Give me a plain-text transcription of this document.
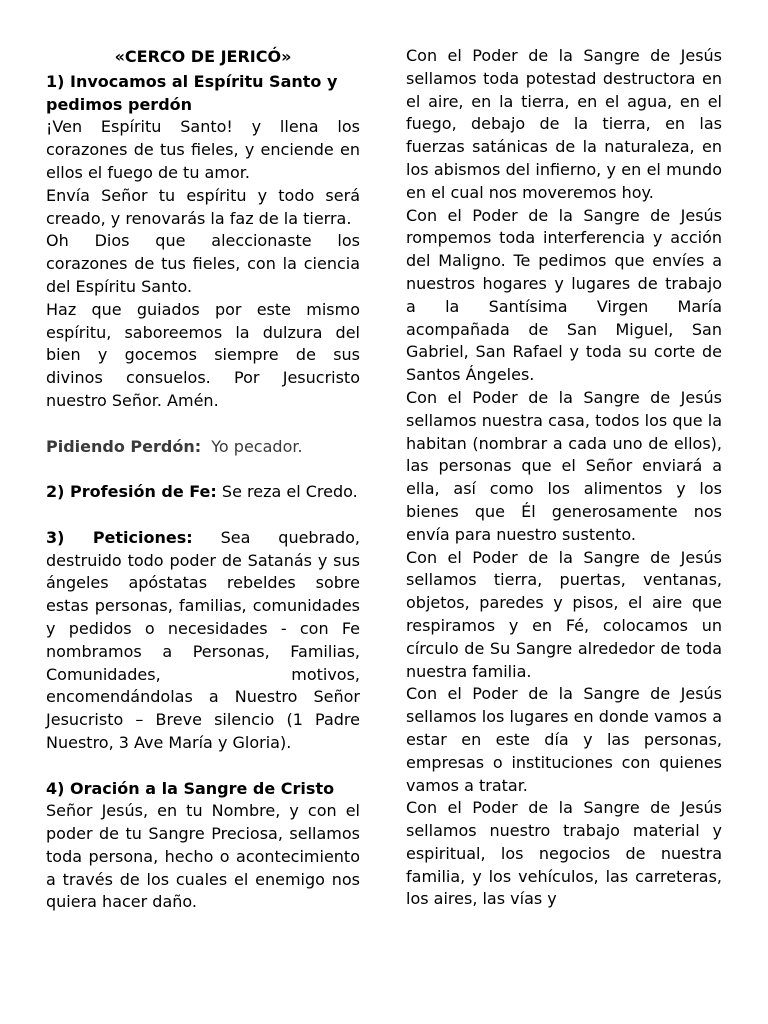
«CERCO DE JERICÓ»

1) Invocamos al Espíritu Santo y pedimos perdón

¡Ven Espíritu Santo! y llena los corazones de tus fieles, y enciende en ellos el fuego de tu amor.

Envía Señor tu espíritu y todo será creado, y renovarás la faz de la tierra.

Oh Dios que aleccionaste los corazones de tus fieles, con la ciencia del Espíritu Santo.

Haz que guiados por este mismo espíritu, saboreemos la dulzura del bien y gocemos siempre de sus divinos consuelos. Por Jesucristo nuestro Señor. Amén.

Pidiendo Perdón: Yo pecador.

2) Profesión de Fe: Se reza el Credo.

3) Peticiones: Sea quebrado, destruido todo poder de Satanás y sus ángeles apóstatas rebeldes sobre estas personas, familias, comunidades y pedidos o necesidades - con Fe nombramos a Personas, Familias, Comunidades, motivos, encomendándolas a Nuestro Señor Jesucristo – Breve silencio (1 Padre Nuestro, 3 Ave María y Gloria).

4) Oración a la Sangre de Cristo

Señor Jesús, en tu Nombre, y con el poder de tu Sangre Preciosa, sellamos toda persona, hecho o acontecimiento a través de los cuales el enemigo nos quiera hacer daño.

Con el Poder de la Sangre de Jesús sellamos toda potestad destructora en el aire, en la tierra, en el agua, en el fuego, debajo de la tierra, en las fuerzas satánicas de la naturaleza, en los abismos del infierno, y en el mundo en el cual nos moveremos hoy.

Con el Poder de la Sangre de Jesús rompemos toda interferencia y acción del Maligno. Te pedimos que envíes a nuestros hogares y lugares de trabajo a la Santísima Virgen María acompañada de San Miguel, San Gabriel, San Rafael y toda su corte de Santos Ángeles.

Con el Poder de la Sangre de Jesús sellamos nuestra casa, todos los que la habitan (nombrar a cada uno de ellos), las personas que el Señor enviará a ella, así como los alimentos y los bienes que Él generosamente nos envía para nuestro sustento.

Con el Poder de la Sangre de Jesús sellamos tierra, puertas, ventanas, objetos, paredes y pisos, el aire que respiramos y en Fé, colocamos un círculo de Su Sangre alrededor de toda nuestra familia.

Con el Poder de la Sangre de Jesús sellamos los lugares en donde vamos a estar en este día y las personas, empresas o instituciones con quienes vamos a tratar.

Con el Poder de la Sangre de Jesús sellamos nuestro trabajo material y espiritual, los negocios de nuestra familia, y los vehículos, las carreteras, los aires, las vías y
